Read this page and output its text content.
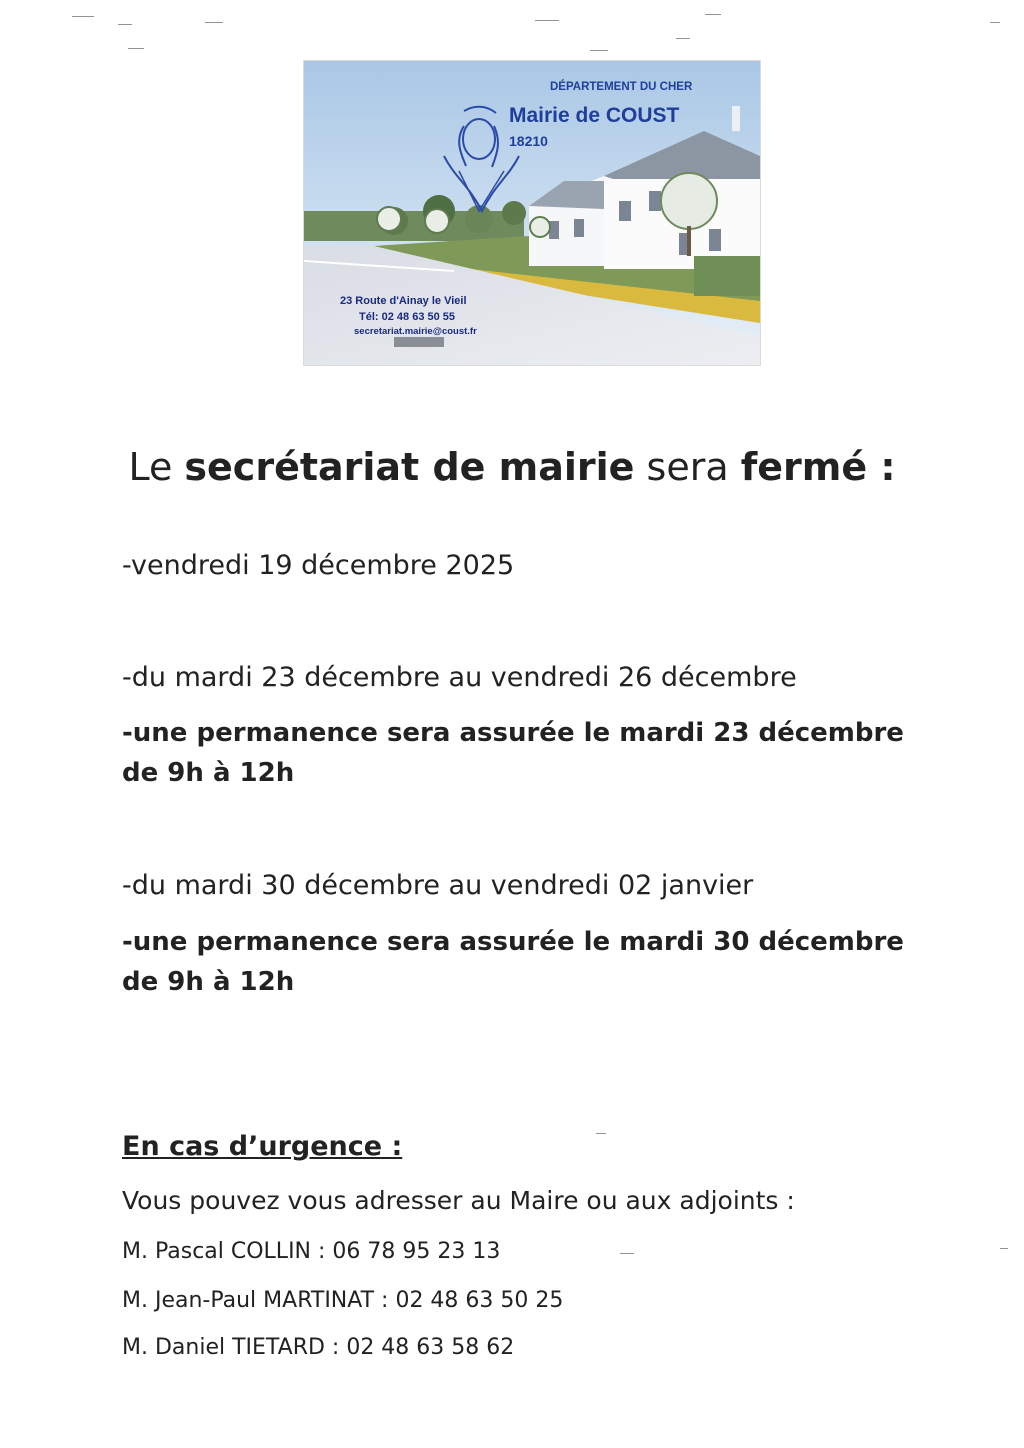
DÉPARTEMENT DU CHER
Mairie de COUST
18210
23 Route d'Ainay le Vieil
Tél: 02 48 63 50 55
secretariat.mairie@coust.fr
Le secrétariat de mairie sera fermé :

-vendredi 19 décembre 2025

-du mardi 23 décembre au vendredi 26 décembre

-une permanence sera assurée le mardi 23 décembre

de 9h à 12h

-du mardi 30 décembre au vendredi 02 janvier

-une permanence sera assurée le mardi 30 décembre

de 9h à 12h

En cas d’urgence :

Vous pouvez vous adresser au Maire ou aux adjoints :

M. Pascal COLLIN : 06 78 95 23 13

M. Jean-Paul MARTINAT : 02 48 63 50 25

M. Daniel TIETARD : 02 48 63 58 62
